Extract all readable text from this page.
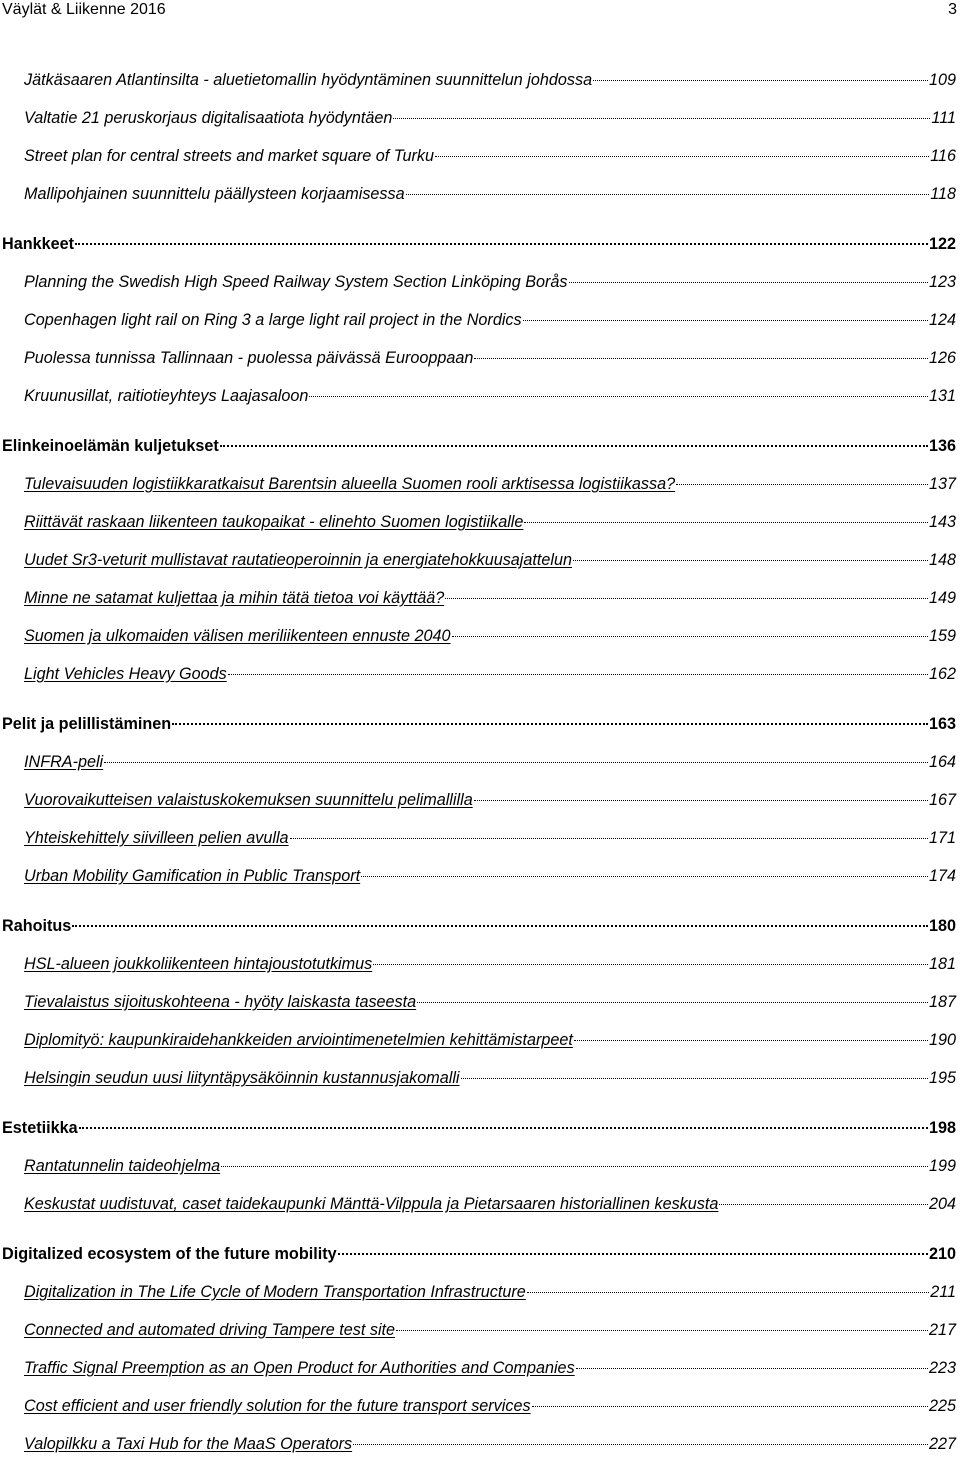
Väylät & Liikenne 2016	3
Jätkäsaaren Atlantinsilta - aluetietomallin hyödyntäminen suunnittelun johdossa	109
Valtatie 21 peruskorjaus digitalisaatiota hyödyntäen	111
Street plan for central streets and market square of Turku	116
Mallipohjainen suunnittelu päällysteen korjaamisessa	118
Hankkeet	122
Planning the Swedish High Speed Railway System Section Linköping Borås	123
Copenhagen light rail on Ring 3 a large light rail project in the Nordics	124
Puolessa tunnissa Tallinnaan - puolessa päivässä Eurooppaan	126
Kruunusillat, raitiotieyhteys Laajasaloon	131
Elinkeinoelämän kuljetukset	136
Tulevaisuuden logistiikkaratkaisut Barentsin alueella Suomen rooli arktisessa logistiikassa?	137
Riittävät raskaan liikenteen taukopaikat - elinehto Suomen logistiikalle	143
Uudet Sr3-veturit mullistavat rautatieoperoinnin ja energiatehokkuusajattelun	148
Minne ne satamat kuljettaa ja mihin tätä tietoa voi käyttää?	149
Suomen ja ulkomaiden välisen meriliikenteen ennuste 2040	159
Light Vehicles Heavy Goods	162
Pelit ja pelillistäminen	163
INFRA-peli	164
Vuorovaikutteisen valaistuskokemuksen suunnittelu pelimallilla	167
Yhteiskehittely siivilleen pelien avulla	171
Urban Mobility Gamification in Public Transport	174
Rahoitus	180
HSL-alueen joukkoliikenteen hintajoustotutkimus	181
Tievalaistus sijoituskohteena - hyöty laiskasta taseesta	187
Diplomityö: kaupunkiraidehankkeiden arviointimenetelmien kehittämistarpeet	190
Helsingin seudun uusi liityntäpysäköinnin kustannusjakomalli	195
Estetiikka	198
Rantatunnelin taideohjelma	199
Keskustat uudistuvat, caset taidekaupunki Mänttä-Vilppula ja Pietarsaaren historiallinen keskusta	204
Digitalized ecosystem of the future mobility	210
Digitalization in The Life Cycle of Modern Transportation Infrastructure	211
Connected and automated driving Tampere test site	217
Traffic Signal Preemption as an Open Product for Authorities and Companies	223
Cost efficient and user friendly solution for the future transport services	225
Valopilkku a Taxi Hub for the MaaS Operators	227
